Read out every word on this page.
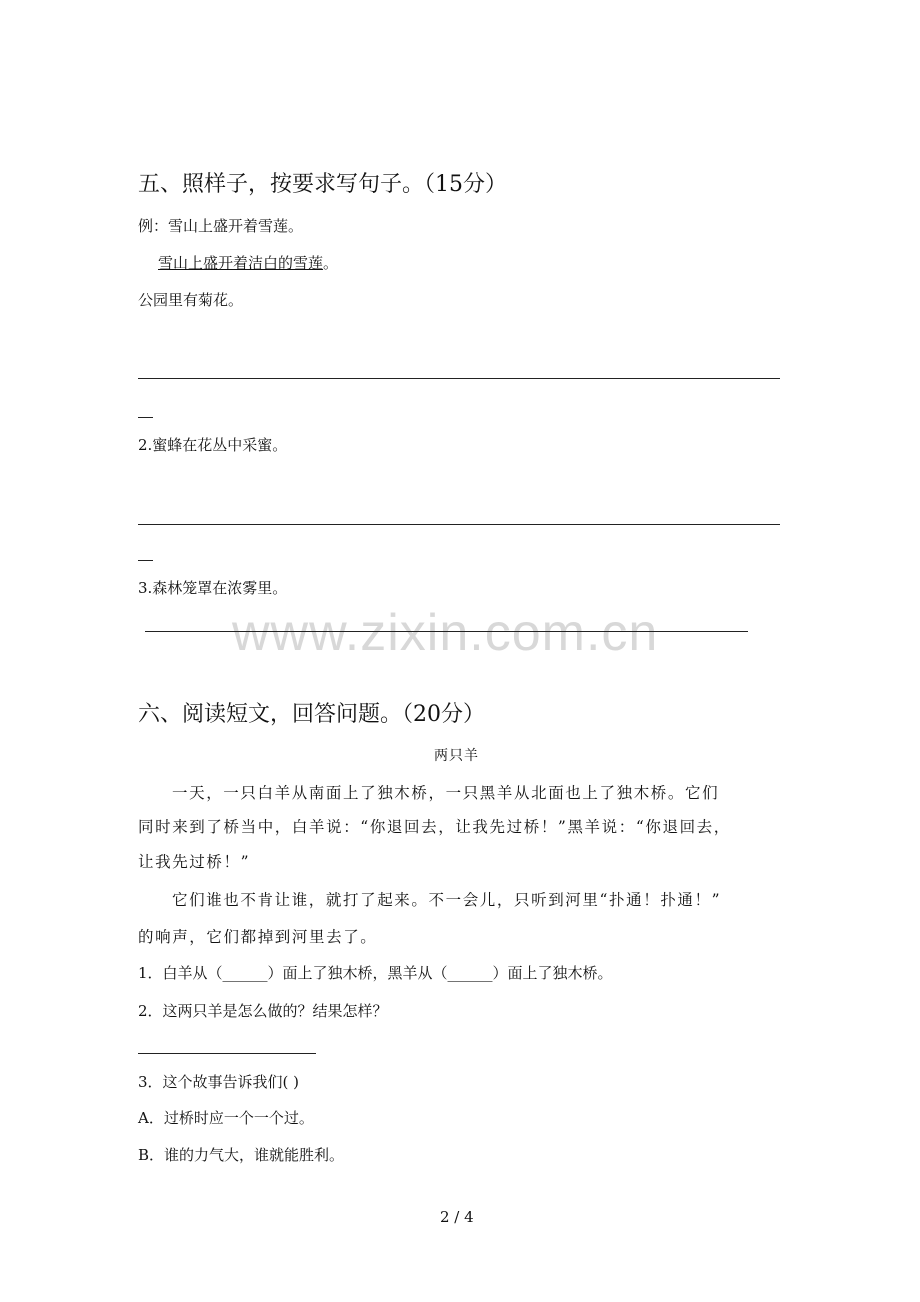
五、照样子，按要求写句子。（15分）
例：雪山上盛开着雪莲。
雪山上盛开着洁白的雪莲。
公园里有菊花。
2.蜜蜂在花丛中采蜜。
3.森林笼罩在浓雾里。
www.zixin.com.cn
六、阅读短文，回答问题。（20分）
两只羊
一天，一只白羊从南面上了独木桥，一只黑羊从北面也上了独木桥。它们
同时来到了桥当中，白羊说：“你退回去，让我先过桥！”黑羊说：“你退回去，
让我先过桥！”
它们谁也不肯让谁，就打了起来。不一会儿，只听到河里“扑通！扑通！”
的响声，它们都掉到河里去了。
1．白羊从（______）面上了独木桥，黑羊从（______）面上了独木桥。
2．这两只羊是怎么做的？结果怎样？
3．这个故事告诉我们( )
A．过桥时应一个一个过。
B．谁的力气大，谁就能胜利。
2 / 4
